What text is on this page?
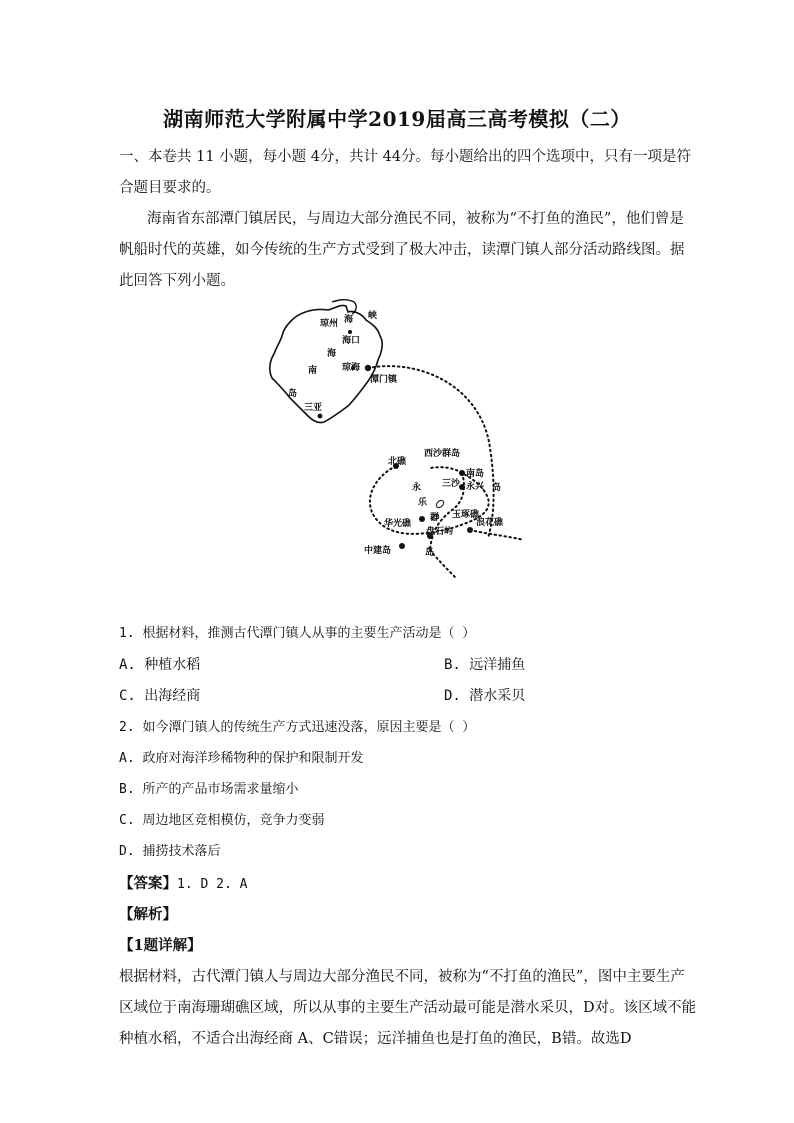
湖南师范大学附属中学2019届高三高考模拟（二）
一、本卷共 11 小题，每小题 4分，共计 44分。每小题给出的四个选项中，只有一项是符
合题目要求的。
海南省东部潭门镇居民，与周边大部分渔民不同，被称为“不打鱼的渔民”，他们曾是
帆船时代的英雄，如今传统的生产方式受到了极大冲击，读潭门镇人部分活动路线图。据
此回答下列小题。
琼州 海 峡
海口
海
南	琼海
潭门镇
岛
三亚
北礁
西沙群岛
南岛
永 三沙 永兴 岛
乐
群 玉琢礁
浪花礁
华光礁
盘石屿
中建岛	岛
1. 根据材料，推测古代潭门镇人从事的主要生产活动是（ ）
A. 种植水稻	B. 远洋捕鱼
C. 出海经商	D. 潜水采贝
2. 如今潭门镇人的传统生产方式迅速没落，原因主要是（ ）
A. 政府对海洋珍稀物种的保护和限制开发
B. 所产的产品市场需求量缩小
C. 周边地区竞相模仿，竞争力变弱
D. 捕捞技术落后
【答案】1. D 2. A
【解析】
【1题详解】
根据材料，古代潭门镇人与周边大部分渔民不同，被称为“不打鱼的渔民”，图中主要生产
区域位于南海珊瑚礁区域，所以从事的主要生产活动最可能是潜水采贝，D对。该区域不能
种植水稻，不适合出海经商 A、C错误；远洋捕鱼也是打鱼的渔民，B错。故选D
